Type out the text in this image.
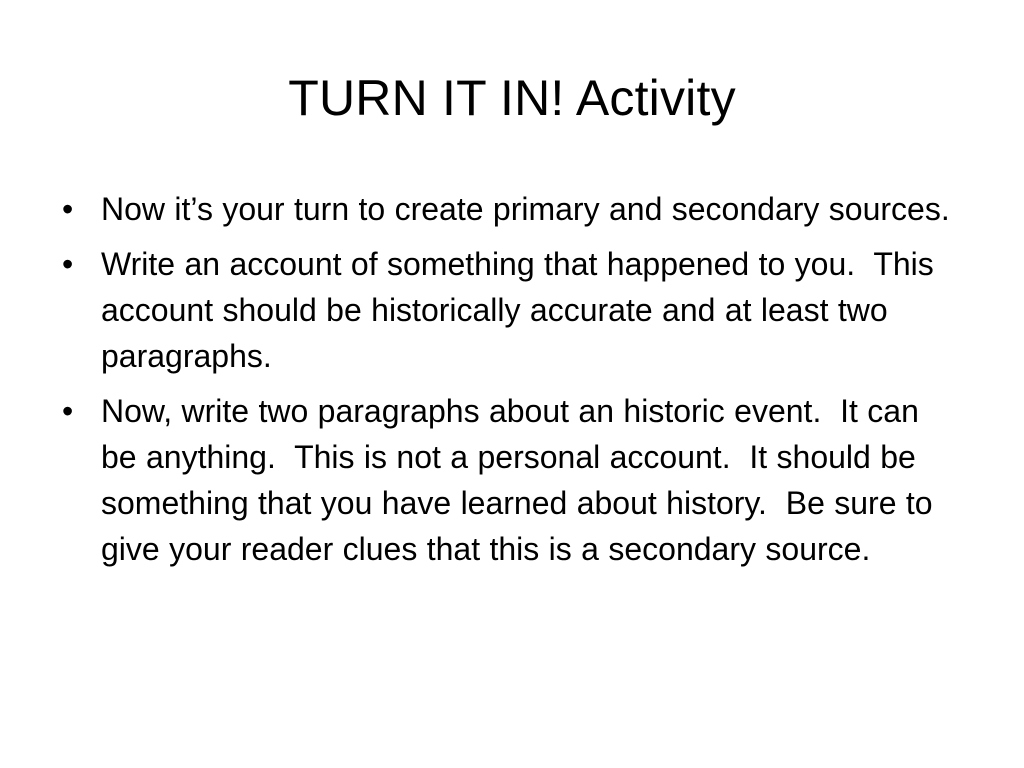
TURN IT IN! Activity
• Now it’s your turn to create primary and secondary sources.
• Write an account of something that happened to you.  This account should be historically accurate and at least two paragraphs.
• Now, write two paragraphs about an historic event.  It can be anything.  This is not a personal account.  It should be something that you have learned about history.  Be sure to give your reader clues that this is a secondary source.
